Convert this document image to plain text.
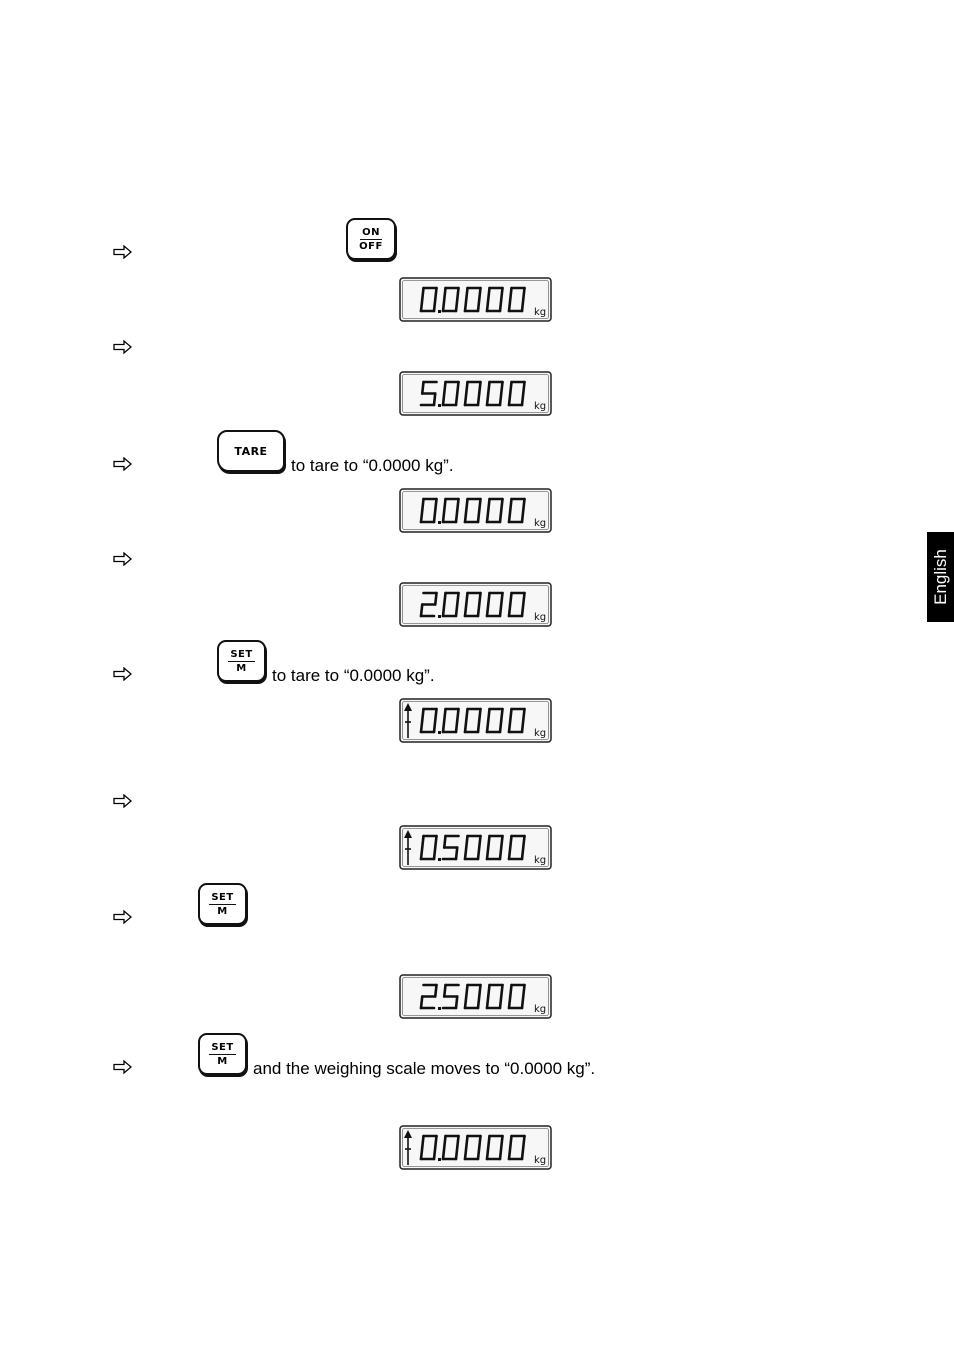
ON
OFF
TARE
to tare to “0.0000 kg”.
SET
M to tare to “0.0000 kg”.
SET
M
SET
M and the weighing scale moves to “0.0000 kg”.
kg
kg
kg
kg
kg
kg
kg
kg
English
